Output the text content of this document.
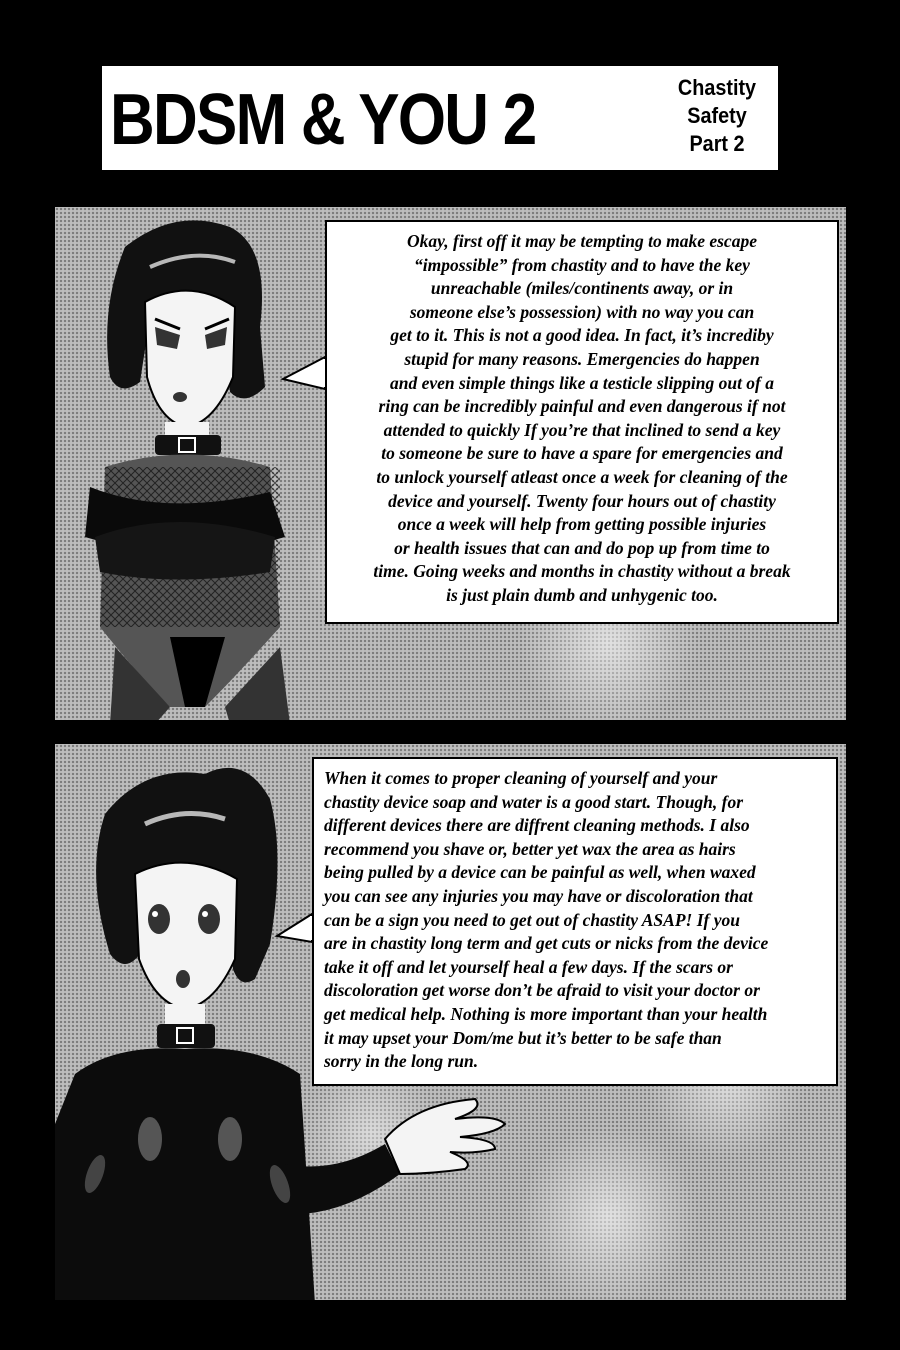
BDSM & YOU 2	Chastity
Safety
Part 2
Okay, first off it may be tempting to make escape
“impossible” from chastity and to have the key
unreachable (miles/continents away, or in
someone else’s possession) with no way you can
get to it. This is not a good idea. In fact, it’s incrediby
stupid for many reasons. Emergencies do happen
and even simple things like a testicle slipping out of a
ring can be incredibly painful and even dangerous if not
attended to quickly If you’re that inclined to send a key
to someone be sure to have a spare for emergencies and
to unlock yourself atleast once a week for cleaning of the
device and yourself. Twenty four hours out of chastity
once a week will help from getting possible injuries
or health issues that can and do pop up from time to
time. Going weeks and months in chastity without a break
is just plain dumb and unhygenic too.
When it comes to proper cleaning of yourself and your
chastity device soap and water is a good start. Though, for
different devices there are diffrent cleaning methods. I also
recommend you shave or, better yet wax the area as hairs
being pulled by a device can be painful as well, when waxed
you can see any injuries you may have or discoloration that
can be a sign you need to get out of chastity ASAP! If you
are in chastity long term and get cuts or nicks from the device
take it off and let yourself heal a few days. If the scars or
discoloration get worse don’t be afraid to visit your doctor or
get medical help. Nothing is more important than your health
it may upset your Dom/me but it’s better to be safe than
sorry in the long run.
